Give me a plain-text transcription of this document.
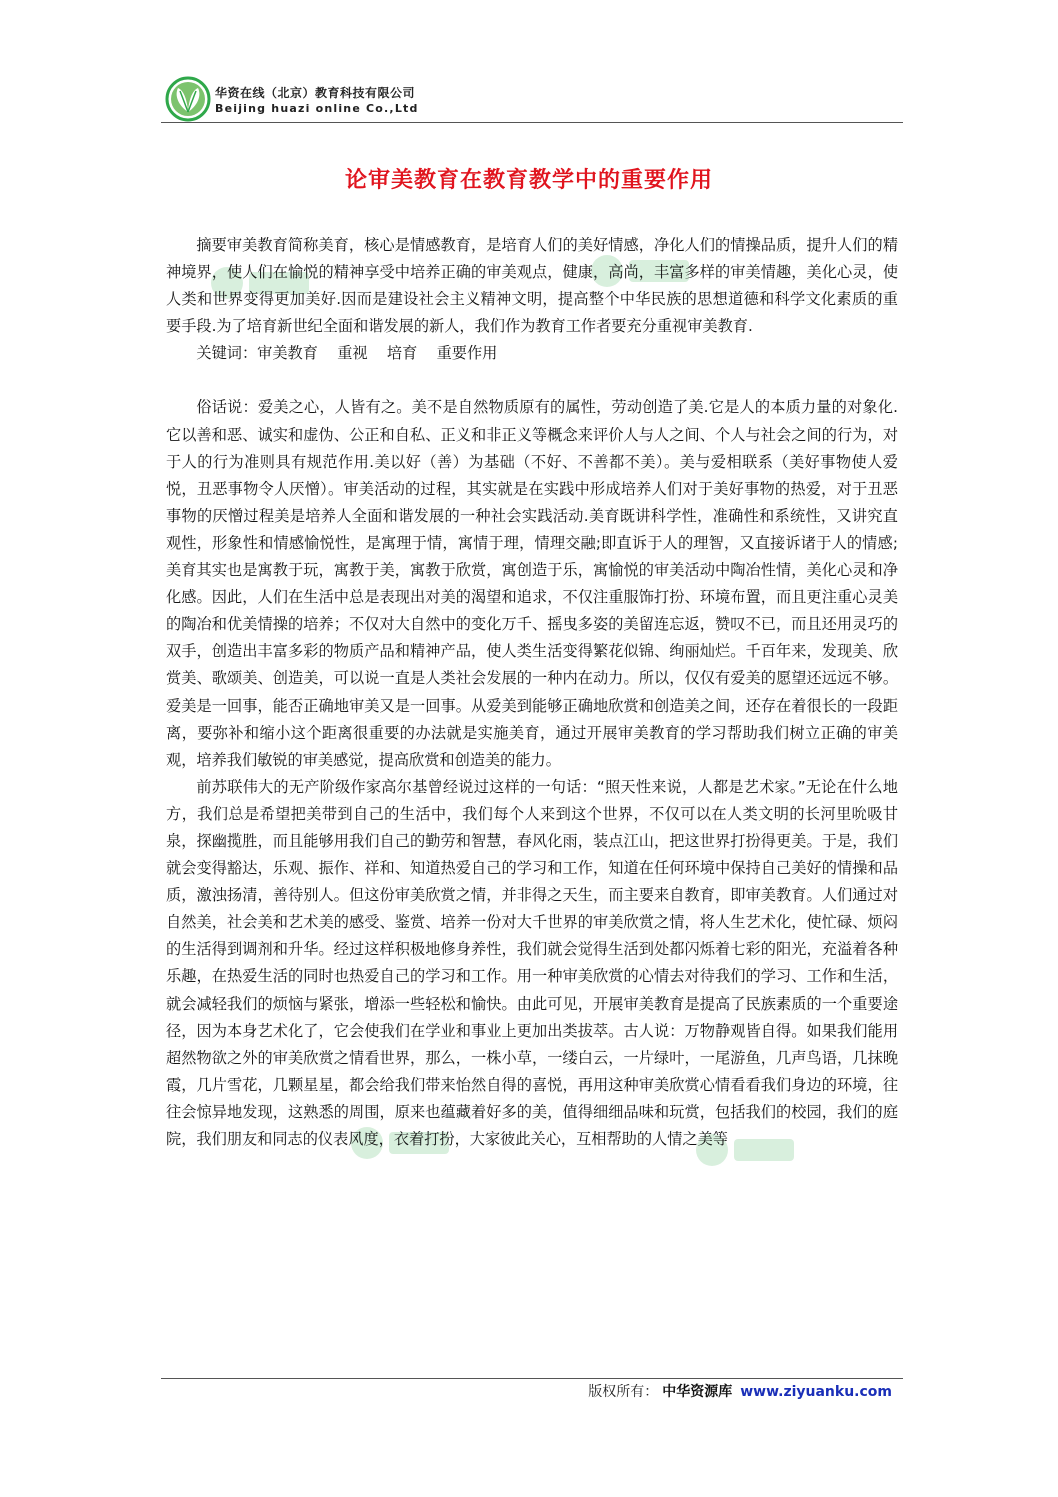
华资在线（北京）教育科技有限公司
Beijing huazi online Co.,Ltd
论审美教育在教育教学中的重要作用

摘要审美教育简称美育，核心是情感教育，是培育人们的美好情感，净化人们的情操品质，提升人们的精神境界，使人们在愉悦的精神享受中培养正确的审美观点，健康，高尚，丰富多样的审美情趣，美化心灵，使人类和世界变得更加美好.因而是建设社会主义精神文明，提高整个中华民族的思想道德和科学文化素质的重要手段.为了培育新世纪全面和谐发展的新人，我们作为教育工作者要充分重视审美教育.

关键词：审美教育    重视    培育    重要作用

俗话说：爱美之心，人皆有之。美不是自然物质原有的属性，劳动创造了美.它是人的本质力量的对象化.它以善和恶、诚实和虚伪、公正和自私、正义和非正义等概念来评价人与人之间、个人与社会之间的行为，对于人的行为准则具有规范作用.美以好（善）为基础（不好、不善都不美）。美与爱相联系（美好事物使人爱悦，丑恶事物令人厌憎）。审美活动的过程，其实就是在实践中形成培养人们对于美好事物的热爱，对于丑恶事物的厌憎过程美是培养人全面和谐发展的一种社会实践活动.美育既讲科学性，准确性和系统性，又讲究直观性，形象性和情感愉悦性，是寓理于情，寓情于理，情理交融;即直诉于人的理智，又直接诉诸于人的情感;美育其实也是寓教于玩，寓教于美，寓教于欣赏，寓创造于乐，寓愉悦的审美活动中陶冶性情，美化心灵和净化感。因此，人们在生活中总是表现出对美的渴望和追求，不仅注重服饰打扮、环境布置，而且更注重心灵美的陶冶和优美情操的培养；不仅对大自然中的变化万千、摇曳多姿的美留连忘返，赞叹不已，而且还用灵巧的双手，创造出丰富多彩的物质产品和精神产品，使人类生活变得繁花似锦、绚丽灿烂。千百年来，发现美、欣赏美、歌颂美、创造美，可以说一直是人类社会发展的一种内在动力。所以，仅仅有爱美的愿望还远远不够。爱美是一回事，能否正确地审美又是一回事。从爱美到能够正确地欣赏和创造美之间，还存在着很长的一段距离，要弥补和缩小这个距离很重要的办法就是实施美育，通过开展审美教育的学习帮助我们树立正确的审美观，培养我们敏锐的审美感觉，提高欣赏和创造美的能力。

前苏联伟大的无产阶级作家高尔基曾经说过这样的一句话：“照天性来说，人都是艺术家。”无论在什么地方，我们总是希望把美带到自己的生活中，我们每个人来到这个世界，不仅可以在人类文明的长河里吮吸甘泉，探幽揽胜，而且能够用我们自己的勤劳和智慧，春风化雨，装点江山，把这世界打扮得更美。于是，我们就会变得豁达，乐观、振作、祥和、知道热爱自己的学习和工作，知道在任何环境中保持自己美好的情操和品质，激浊扬清，善待别人。但这份审美欣赏之情，并非得之天生，而主要来自教育，即审美教育。人们通过对自然美，社会美和艺术美的感受、鉴赏、培养一份对大千世界的审美欣赏之情，将人生艺术化，使忙碌、烦闷的生活得到调剂和升华。经过这样积极地修身养性，我们就会觉得生活到处都闪烁着七彩的阳光，充溢着各种乐趣，在热爱生活的同时也热爱自己的学习和工作。用一种审美欣赏的心情去对待我们的学习、工作和生活，就会减轻我们的烦恼与紧张，增添一些轻松和愉快。由此可见，开展审美教育是提高了民族素质的一个重要途径，因为本身艺术化了，它会使我们在学业和事业上更加出类拔萃。古人说：万物静观皆自得。如果我们能用超然物欲之外的审美欣赏之情看世界，那么，一株小草，一缕白云，一片绿叶，一尾游鱼，几声鸟语，几抹晚霞，几片雪花，几颗星星，都会给我们带来怡然自得的喜悦，再用这种审美欣赏心情看看我们身边的环境，往往会惊异地发现，这熟悉的周围，原来也蕴藏着好多的美，值得细细品味和玩赏，包括我们的校园，我们的庭院，我们朋友和同志的仪表风度，衣着打扮，大家彼此关心，互相帮助的人情之美等

版权所有： 中华资源库 www.ziyuanku.com
